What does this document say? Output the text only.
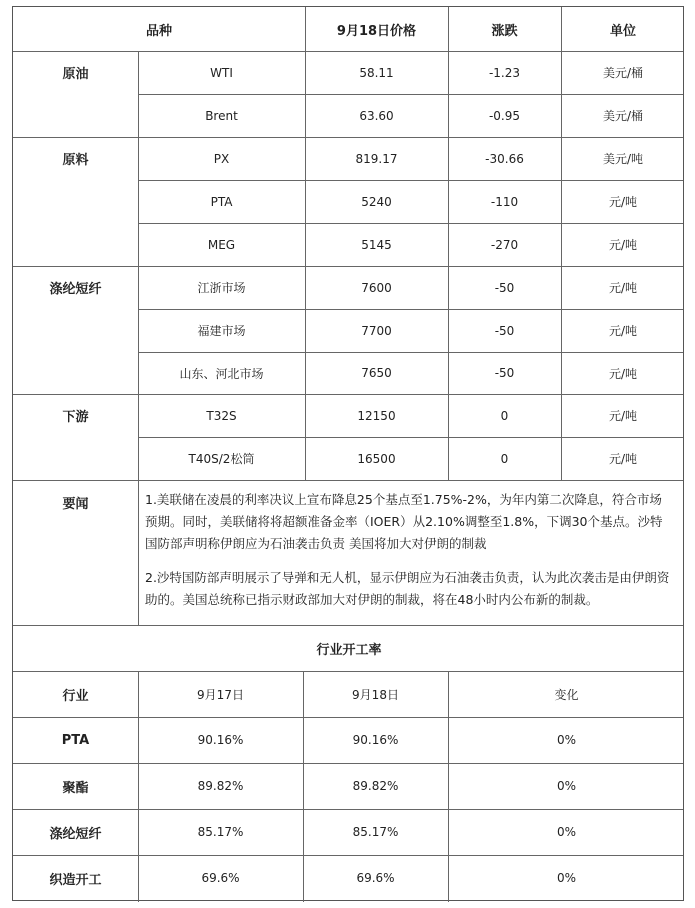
品种	9月18日价格	涨跌	单位
原油	WTI	58.11	-1.23	美元/桶
Brent	63.60	-0.95	美元/桶
原料	PX	819.17	-30.66	美元/吨
PTA	5240	-110	元/吨
MEG	5145	-270	元/吨
涤纶短纤	江浙市场	7600	-50	元/吨
福建市场	7700	-50	元/吨
山东、河北市场	7650	-50	元/吨
下游	T32S	12150	0	元/吨
T40S/2松筒	16500	0	元/吨
要闻	1.美联储在凌晨的利率决议上宣布降息25个基点至1.75%-2%，为年内第二次降息，符合市场预期。同时，美联储将将超额准备金率（IOER）从2.10%调整至1.8%，下调30个基点。沙特国防部声明称伊朗应为石油袭击负责 美国将加大对伊朗的制裁
2.沙特国防部声明展示了导弹和无人机，显示伊朗应为石油袭击负责，认为此次袭击是由伊朗资助的。美国总统称已指示财政部加大对伊朗的制裁，将在48小时内公布新的制裁。
行业开工率
行业	9月17日	9月18日	变化
PTA	90.16%	90.16%	0%
聚酯	89.82%	89.82%	0%
涤纶短纤	85.17%	85.17%	0%
织造开工	69.6%	69.6%	0%
